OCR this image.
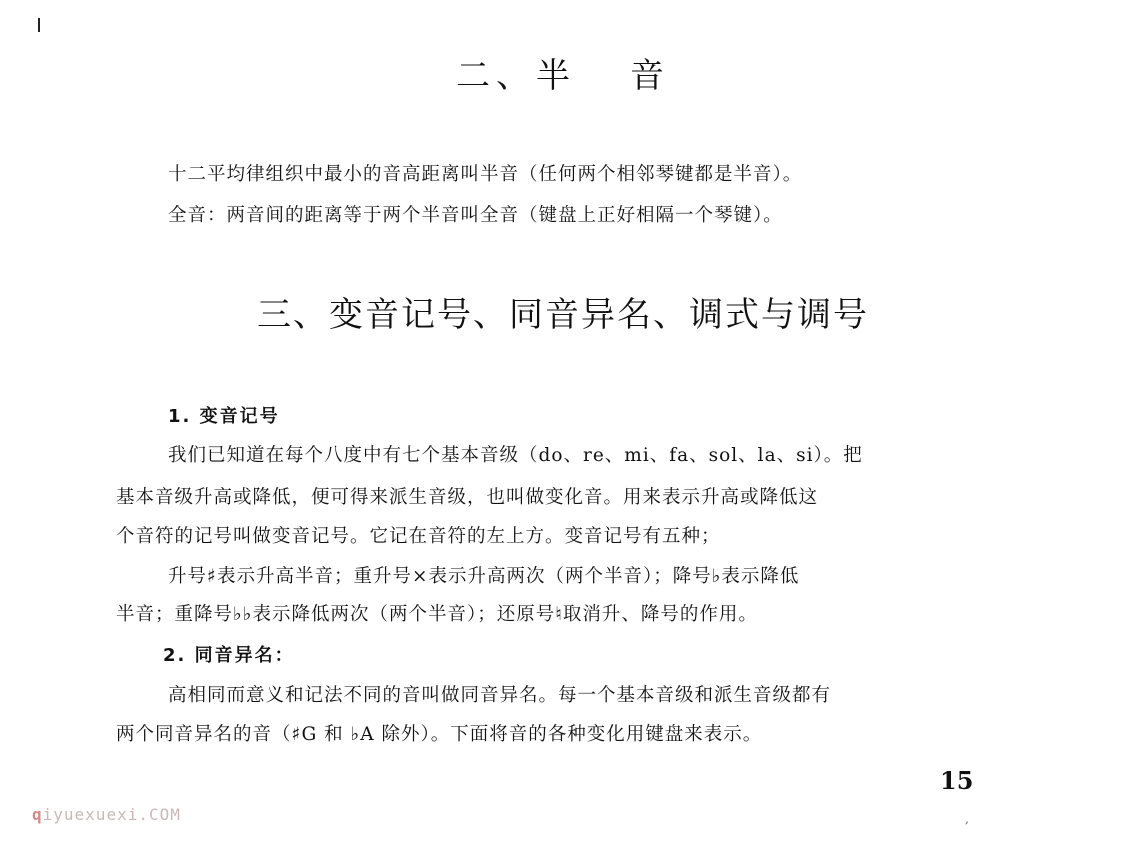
二、半 音
十二平均律组织中最小的音高距离叫半音（任何两个相邻琴键都是半音）。
全音：两音间的距离等于两个半音叫全音（键盘上正好相隔一个琴键）。
三、变音记号、同音异名、调式与调号
1. 变音记号
我们已知道在每个八度中有七个基本音级（do、re、mi、fa、sol、la、si）。把
基本音级升高或降低，便可得来派生音级，也叫做变化音。用来表示升高或降低这
个音符的记号叫做变音记号。它记在音符的左上方。变音记号有五种；
升号♯表示升高半音；重升号×表示升高两次（两个半音）；降号♭表示降低
半音；重降号♭♭表示降低两次（两个半音）；还原号♮取消升、降号的作用。
2. 同音异名：
高相同而意义和记法不同的音叫做同音异名。每一个基本音级和派生音级都有
两个同音异名的音（♯G 和 ♭A 除外）。下面将音的各种变化用键盘来表示。
15
,
qiyuexuexi.COM
